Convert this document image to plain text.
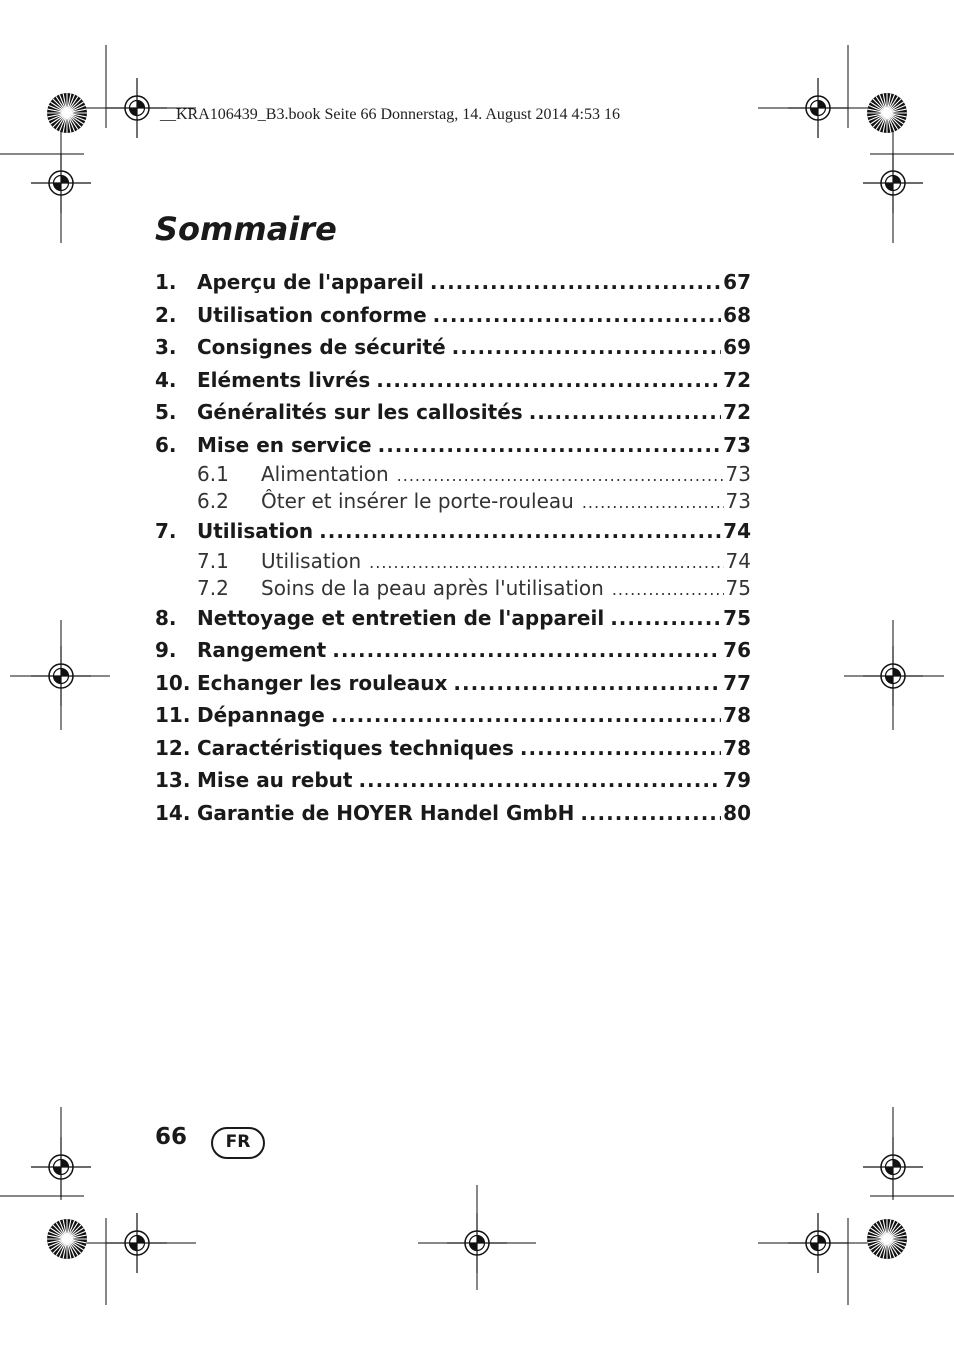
__KRA106439_B3.book Seite 66 Donnerstag, 14. August 2014 4:53 16
Sommaire
1.	Aperçu de l'appareil .....	67
2.	Utilisation conforme .....	68
3.	Consignes de sécurité .....	69
4.	Eléments livrés .....	72
5.	Généralités sur les callosités .....	72
6.	Mise en service .....	73
6.1	Alimentation .....	73
6.2	Ôter et insérer le porte-rouleau .....	73
7.	Utilisation .....	74
7.1	Utilisation .....	74
7.2	Soins de la peau après l'utilisation .....	75
8.	Nettoyage et entretien de l'appareil .....	75
9.	Rangement .....	76
10. Echanger les rouleaux .....	77
11. Dépannage .....	78
12. Caractéristiques techniques .....	78
13. Mise au rebut .....	79
14. Garantie de HOYER Handel GmbH .....	80
66	FR
